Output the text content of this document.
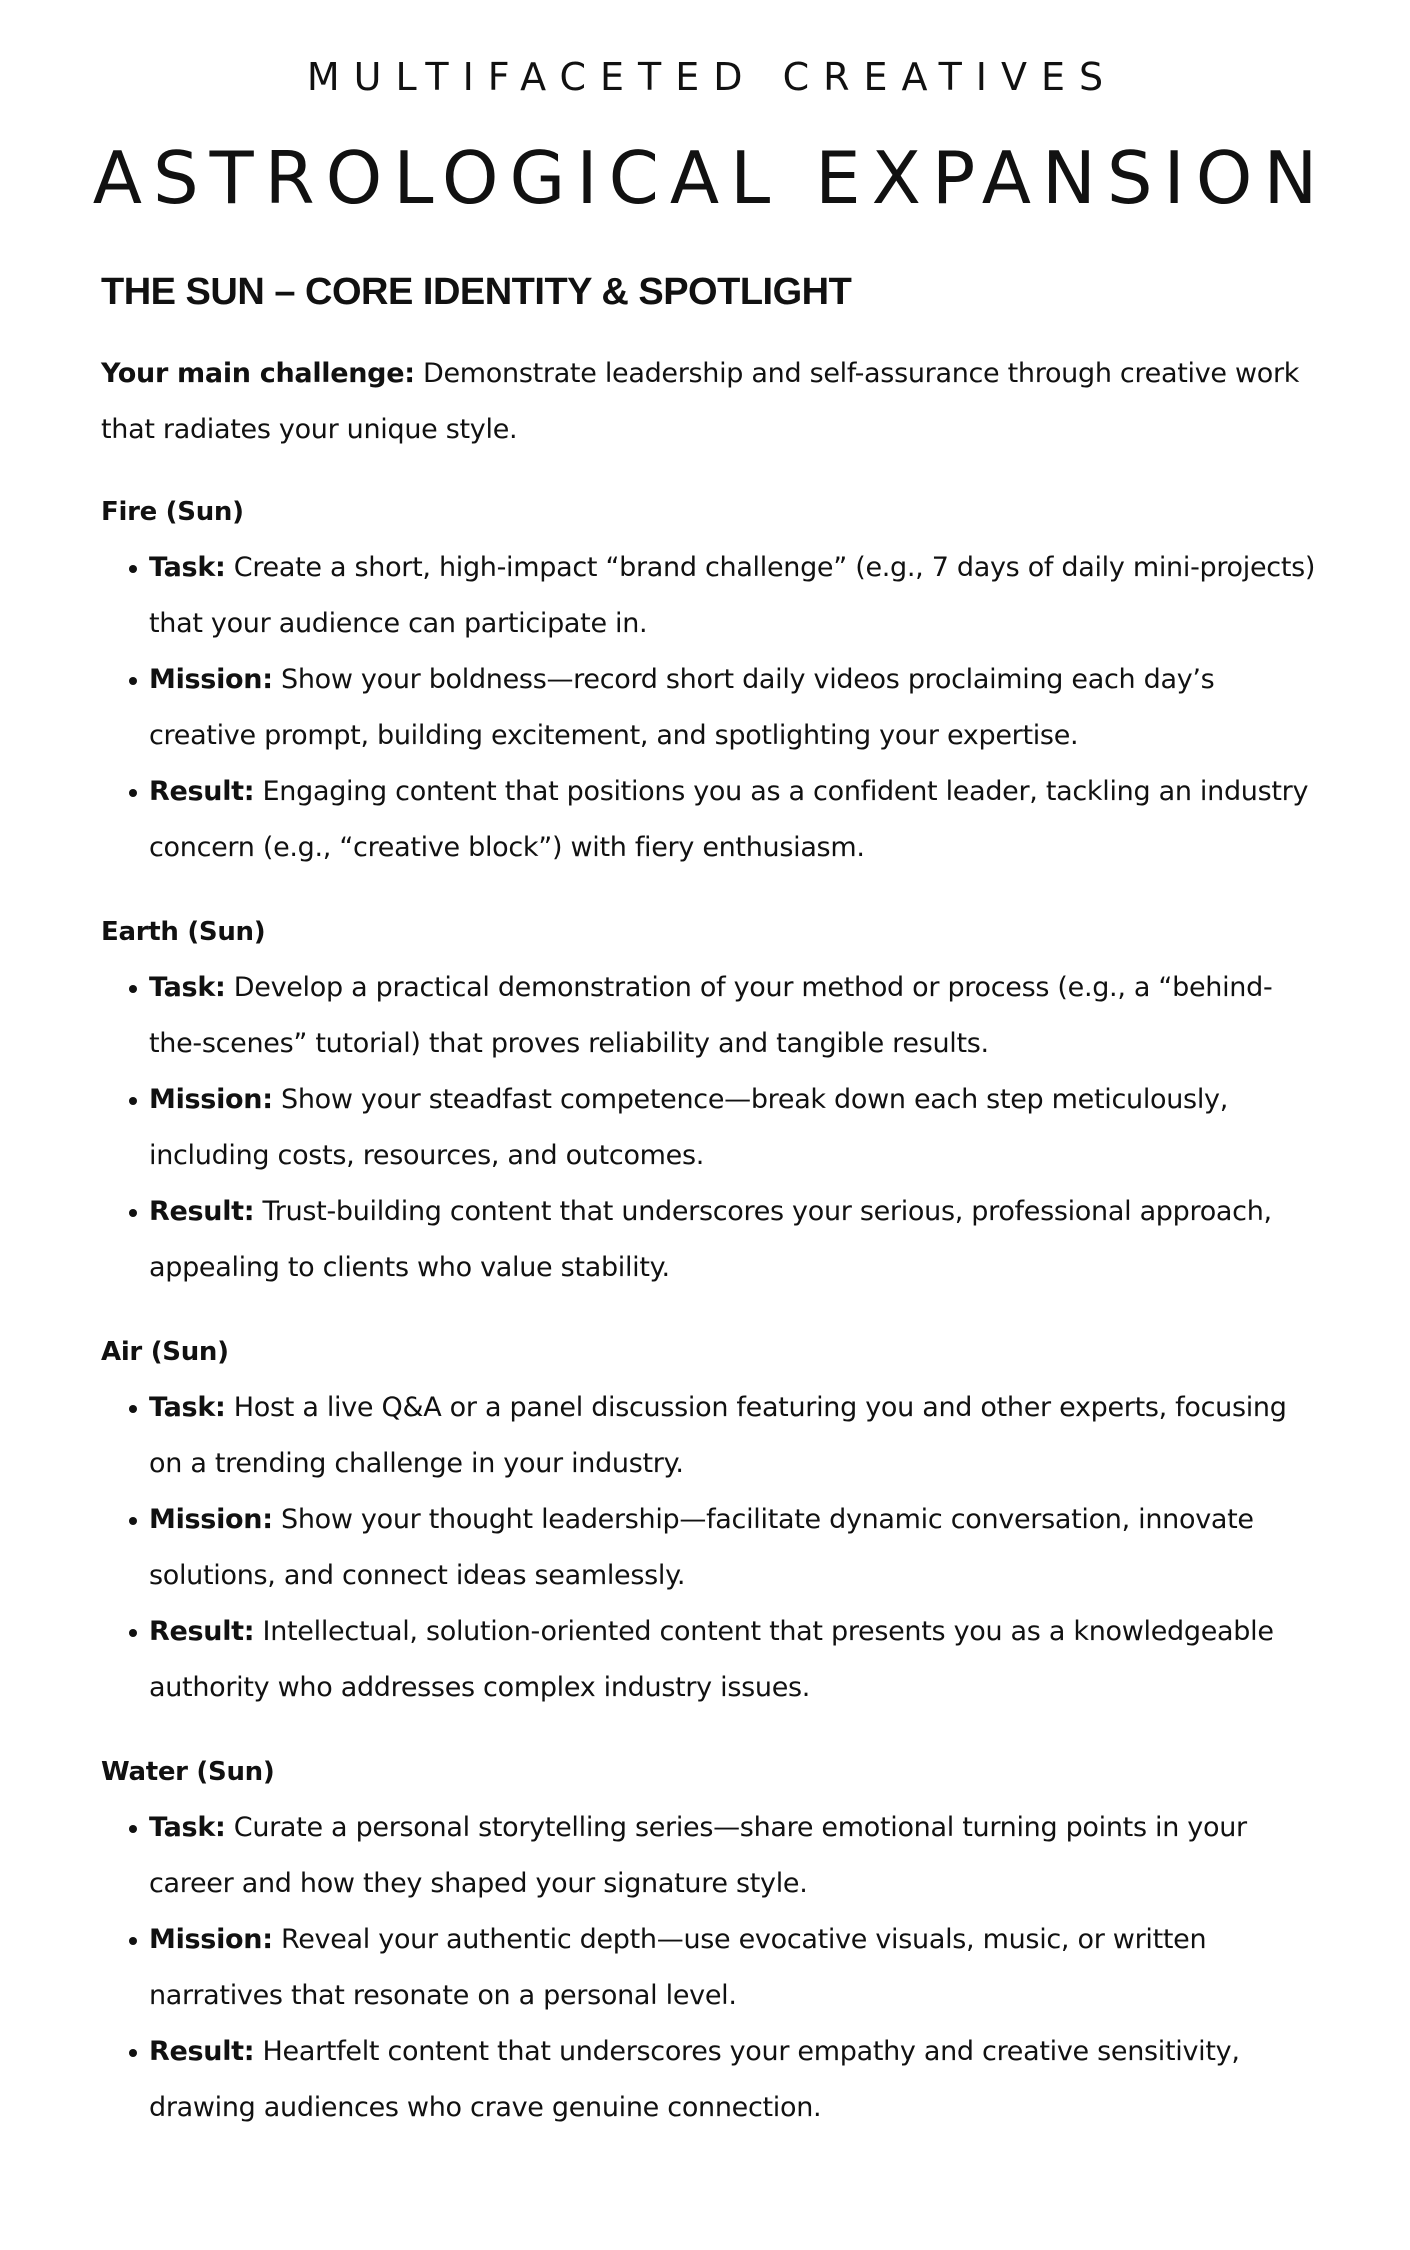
MULTIFACETED CREATIVES
ASTROLOGICAL EXPANSION
THE SUN – CORE IDENTITY & SPOTLIGHT

Your main challenge: Demonstrate leadership and self-assurance through creative work that radiates your unique style.

Fire (Sun)
Task: Create a short, high-impact “brand challenge” (e.g., 7 days of daily mini-projects) that your audience can participate in.
Mission: Show your boldness—record short daily videos proclaiming each day’s creative prompt, building excitement, and spotlighting your expertise.
Result: Engaging content that positions you as a confident leader, tackling an industry concern (e.g., “creative block”) with fiery enthusiasm.
Earth (Sun)
Task: Develop a practical demonstration of your method or process (e.g., a “behind-the-scenes” tutorial) that proves reliability and tangible results.
Mission: Show your steadfast competence—break down each step meticulously, including costs, resources, and outcomes.
Result: Trust-building content that underscores your serious, professional approach, appealing to clients who value stability.
Air (Sun)
Task: Host a live Q&A or a panel discussion featuring you and other experts, focusing on a trending challenge in your industry.
Mission: Show your thought leadership—facilitate dynamic conversation, innovate solutions, and connect ideas seamlessly.
Result: Intellectual, solution-oriented content that presents you as a knowledgeable authority who addresses complex industry issues.
Water (Sun)
Task: Curate a personal storytelling series—share emotional turning points in your career and how they shaped your signature style.
Mission: Reveal your authentic depth—use evocative visuals, music, or written narratives that resonate on a personal level.
Result: Heartfelt content that underscores your empathy and creative sensitivity, drawing audiences who crave genuine connection.
